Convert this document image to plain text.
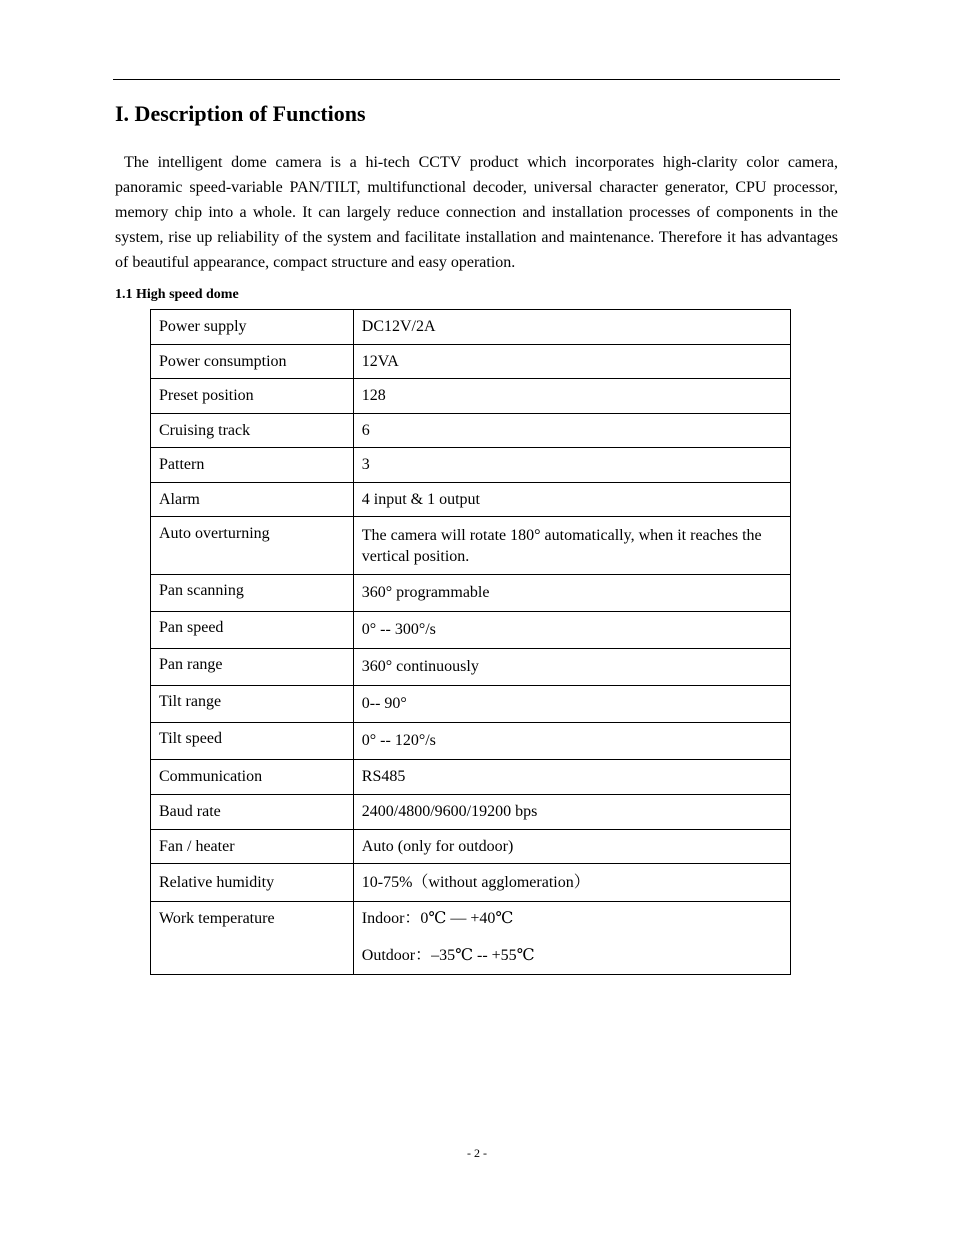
I. Description of Functions

The intelligent dome camera is a hi-tech CCTV product which incorporates high-clarity color camera, panoramic speed-variable PAN/TILT, multifunctional decoder, universal character generator, CPU processor, memory chip into a whole. It can largely reduce connection and installation processes of components in the system, rise up reliability of the system and facilitate installation and maintenance. Therefore it has advantages of beautiful appearance, compact structure and easy operation.

1.1 High speed dome
Power supply	DC12V/2A
Power consumption	12VA
Preset position	128
Cruising track	6
Pattern	3
Alarm	4 input & 1 output
Auto overturning	The camera will rotate 180° automatically, when it reaches the vertical position.
Pan scanning	360° programmable
Pan speed	0° -- 300°/s
Pan range	360° continuously
Tilt range	0-- 90°
Tilt speed	0° -- 120°/s
Communication	RS485
Baud rate	2400/4800/9600/19200 bps
Fan / heater	Auto (only for outdoor)
Relative humidity	10-75%（without agglomeration）
Work temperature	Indoor：0℃ — +40℃
Outdoor：–35℃ -- +55℃
- 2 -
